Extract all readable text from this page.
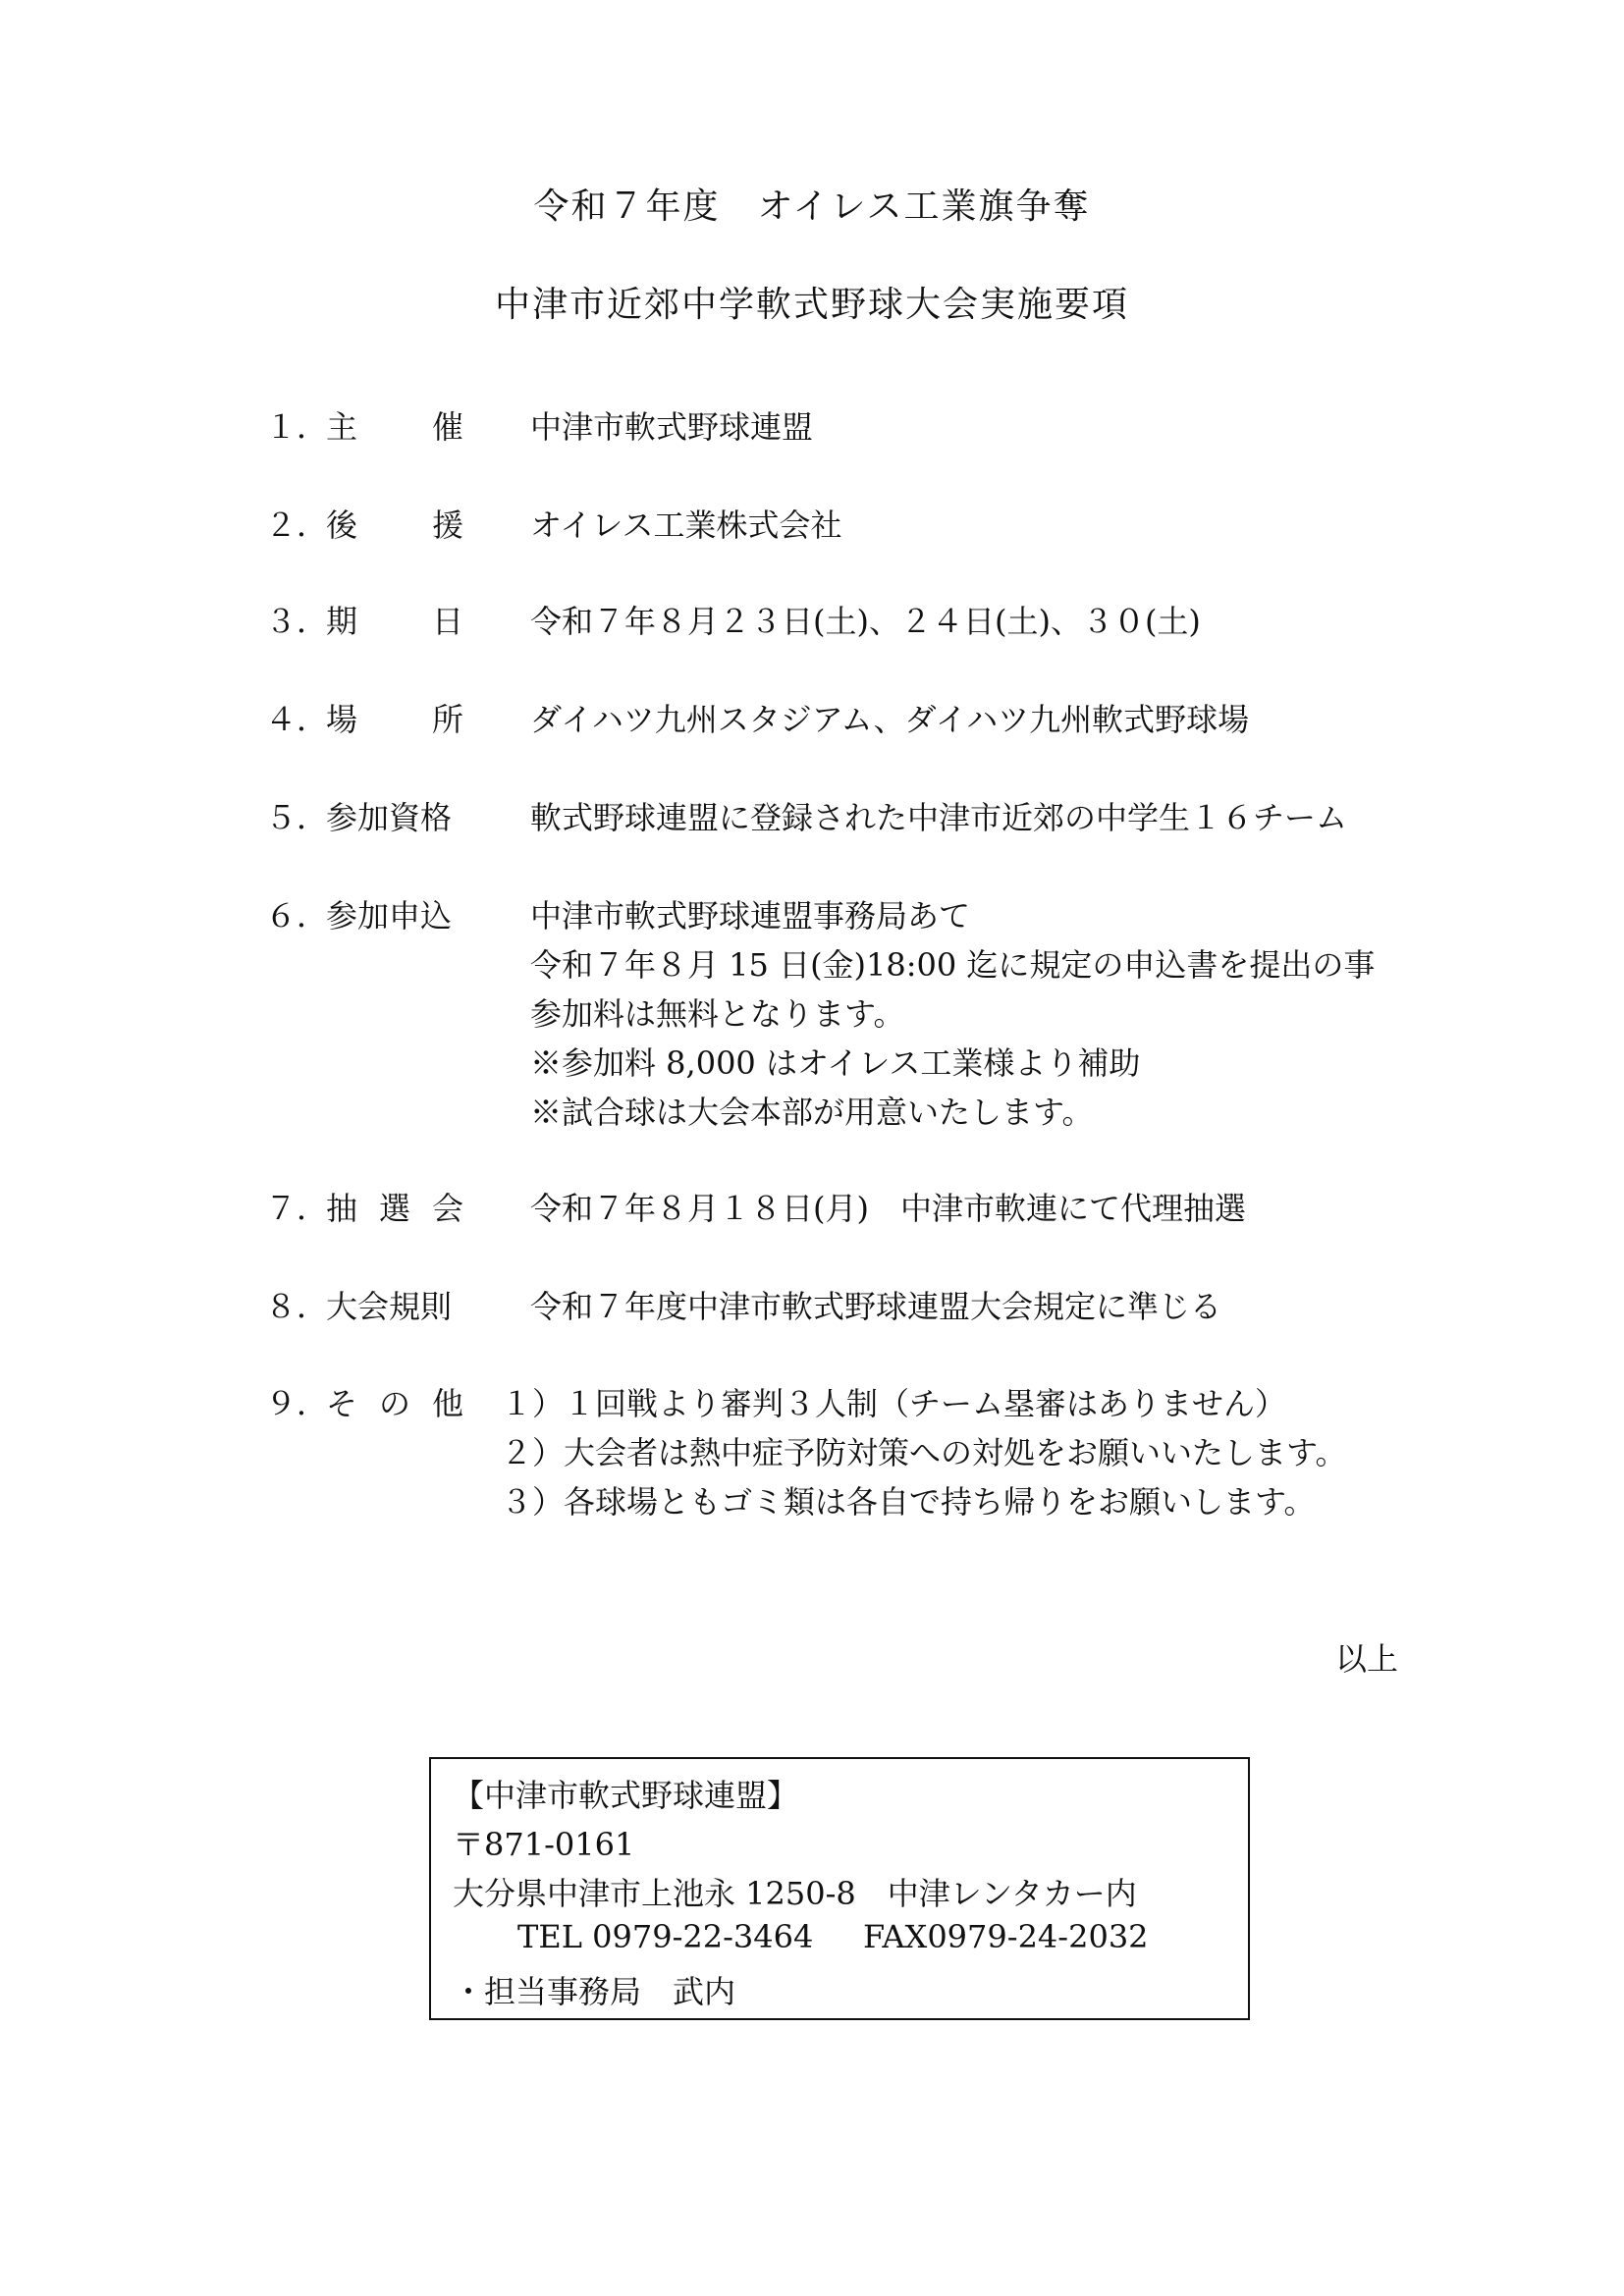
令和７年度　オイレス工業旗争奪
中津市近郊中学軟式野球大会実施要項
１．
主 催 中津市軟式野球連盟
２．
後 援 オイレス工業株式会社
３．
期 日 令和７年８月２３日(土)、２４日(土)、３０(土)
４．
場 所 ダイハツ九州スタジアム、ダイハツ九州軟式野球場
５．
参加資格 軟式野球連盟に登録された中津市近郊の中学生１６チーム
６．
参加申込 中津市軟式野球連盟事務局あて
令和７年８月 15 日(金)18:00 迄に規定の申込書を提出の事
参加料は無料となります。
※参加料 8,000 はオイレス工業様より補助
※試合球は大会本部が用意いたします。
７．
抽 選 会 令和７年８月１８日(月)　中津市軟連にて代理抽選
８．
大会規則 令和７年度中津市軟式野球連盟大会規定に準じる
９．
そ の 他 １）１回戦より審判３人制（チーム塁審はありません）
２）大会者は熱中症予防対策への対処をお願いいたします。
３）各球場ともゴミ類は各自で持ち帰りをお願いします。
以上
【中津市軟式野球連盟】
〒871-0161
大分県中津市上池永 1250-8　中津レンタカー内
TEL 0979-22-3464 FAX0979-24-2032
・担当事務局　武内
